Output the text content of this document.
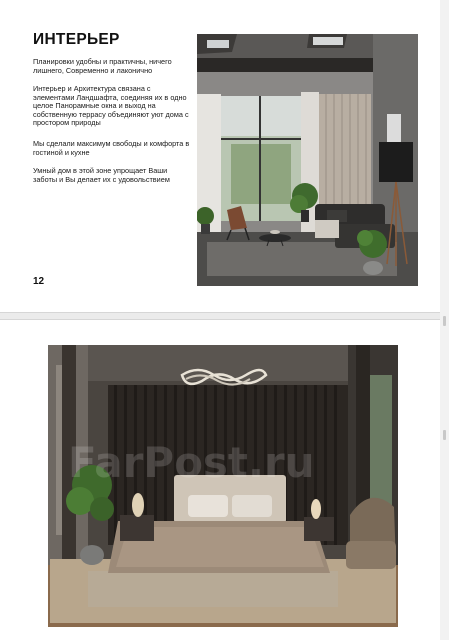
ИНТЕРЬЕР
Планировки удобны и практичны, ничего лишнего, Современно и лаконично
Интерьер и Архитектура связана с элементами Ландшафта, соединяя их в одно целое Панорамные окна и выход на собственную террасу объединяют уют дома с простором природы
Мы сделали максимум свободы и комфорта в гостиной и кухне
Умный дом в этой зоне упрощает Ваши заботы и Вы делает их с удовольствием
12
FarPost.ru
